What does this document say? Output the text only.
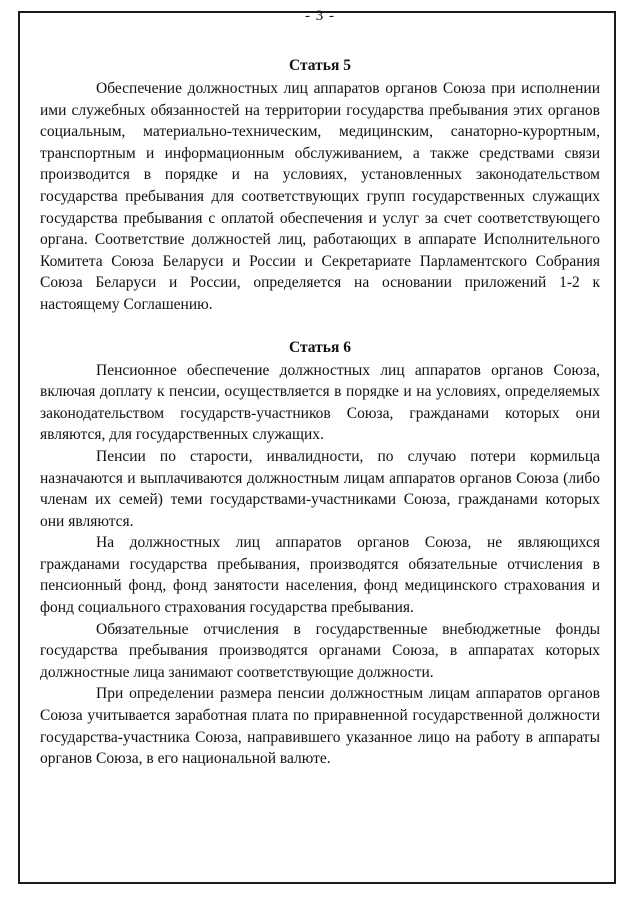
- 3 -
Статья 5

Обеспечение должностных лиц аппаратов органов Союза при исполнении ими служебных обязанностей на территории государства пребывания этих органов социальным, материально-техническим, медицинским, санаторно-курортным, транспортным и информационным обслуживанием, а также средствами связи производится в порядке и на условиях, установленных законодательством государства пребывания для соответствующих групп государственных служащих государства пребывания с оплатой обеспечения и услуг за счет соответствующего органа. Соответствие должностей лиц, работающих в аппарате Исполнительного Комитета Союза Беларуси и России и Секретариате Парламентского Собрания Союза Беларуси и России, определяется на основании приложений 1-2 к настоящему Соглашению.

Статья 6

Пенсионное обеспечение должностных лиц аппаратов органов Союза, включая доплату к пенсии, осуществляется в порядке и на условиях, определяемых законодательством государств-участников Союза, гражданами которых они являются, для государственных служащих.

Пенсии по старости, инвалидности, по случаю потери кормильца назначаются и выплачиваются должностным лицам аппаратов органов Союза (либо членам их семей) теми государствами-участниками Союза, гражданами которых они являются.

На должностных лиц аппаратов органов Союза, не являющихся гражданами государства пребывания, производятся обязательные отчисления в пенсионный фонд, фонд занятости населения, фонд медицинского страхования и фонд социального страхования государства пребывания.

Обязательные отчисления в государственные внебюджетные фонды государства пребывания производятся органами Союза, в аппаратах которых должностные лица занимают соответствующие должности.

При определении размера пенсии должностным лицам аппаратов органов Союза учитывается заработная плата по приравненной государственной должности государства-участника Союза, направившего указанное лицо на работу в аппараты органов Союза, в его национальной валюте.
